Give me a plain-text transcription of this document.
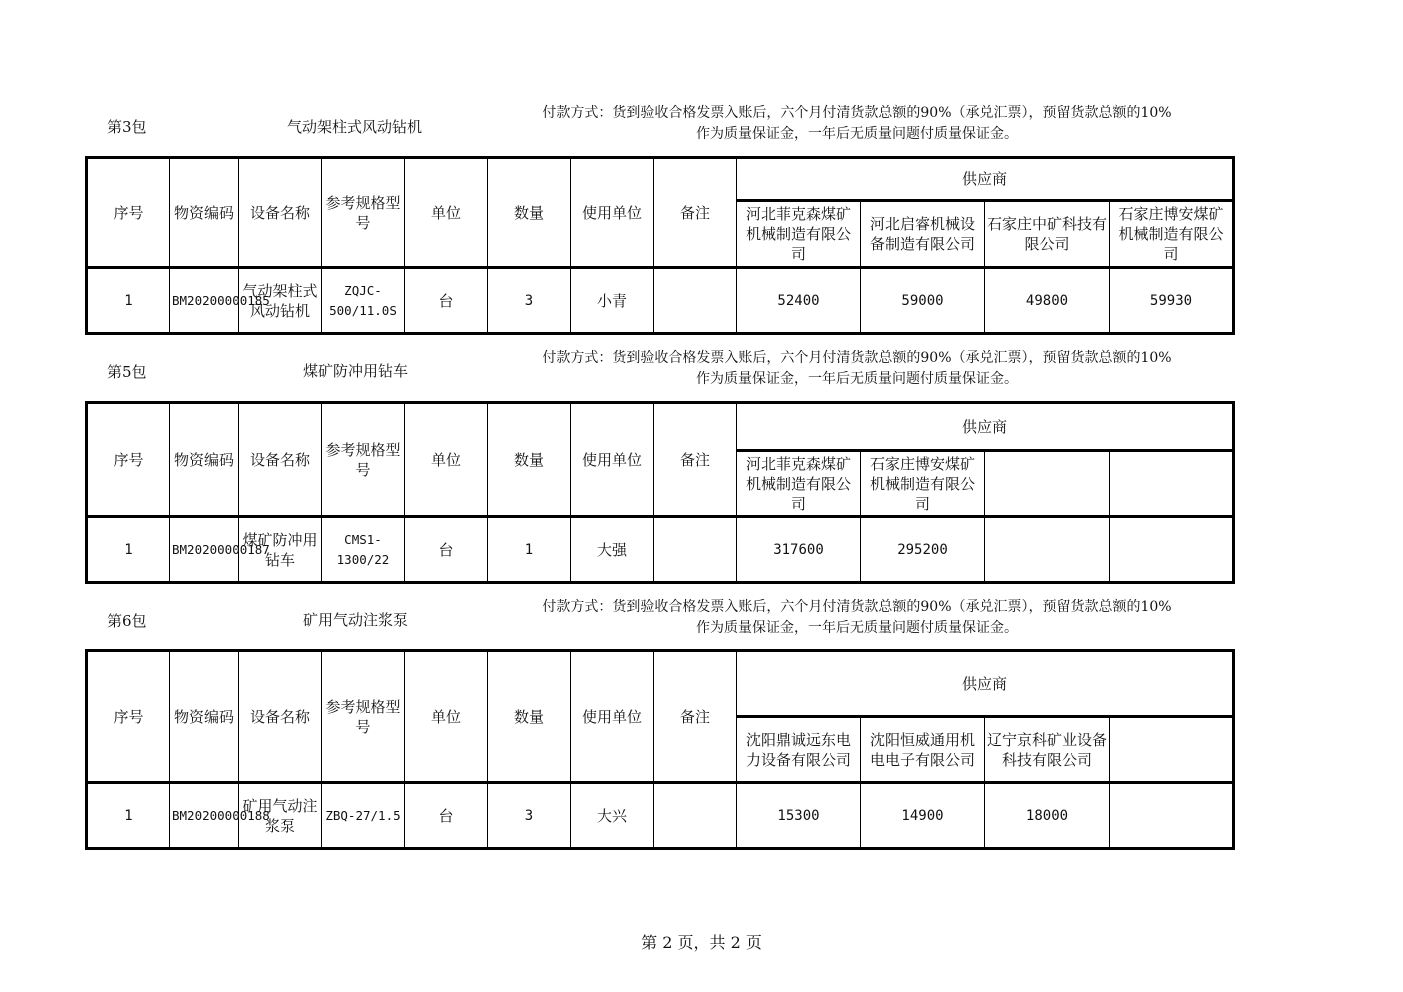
第3包	气动架柱式风动钻机
付款方式：货到验收合格发票入账后，六个月付清货款总额的90%（承兑汇票），预留货款总额的10%
作为质量保证金，一年后无质量问题付质量保证金。
序号	物资编码	设备名称	参考规格型号	单位	数量	使用单位	备注	供应商			
								河北菲克森煤矿机械制造有限公司	河北启睿机械设备制造有限公司	石家庄中矿科技有限公司	石家庄博安煤矿机械制造有限公司
1	BM20200000185	气动架柱式风动钻机	ZQJC-500/11.0S	台	3	小青		52400	59000	49800	59930
第5包	煤矿防冲用钻车
付款方式：货到验收合格发票入账后，六个月付清货款总额的90%（承兑汇票），预留货款总额的10%
作为质量保证金，一年后无质量问题付质量保证金。
序号	物资编码	设备名称	参考规格型号	单位	数量	使用单位	备注	供应商			
								河北菲克森煤矿机械制造有限公司	石家庄博安煤矿机械制造有限公司		
1	BM20200000187	煤矿防冲用钻车	CMS1-1300/22	台	1	大强		317600	295200		
第6包	矿用气动注浆泵
付款方式：货到验收合格发票入账后，六个月付清货款总额的90%（承兑汇票），预留货款总额的10%
作为质量保证金，一年后无质量问题付质量保证金。
序号	物资编码	设备名称	参考规格型号	单位	数量	使用单位	备注	供应商			
								沈阳鼎诚远东电力设备有限公司	沈阳恒威通用机电电子有限公司	辽宁京科矿业设备科技有限公司	
1	BM20200000188	矿用气动注浆泵	ZBQ-27/1.5	台	3	大兴		15300	14900	18000	
第 2 页，共 2 页
